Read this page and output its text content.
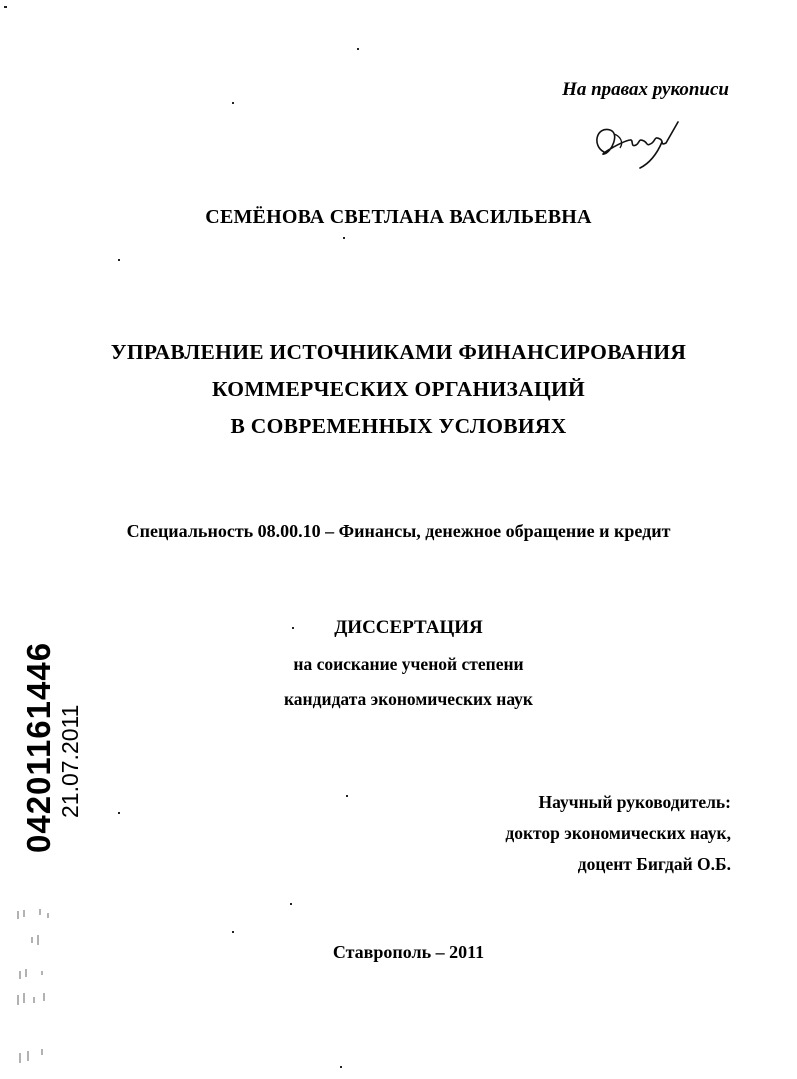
На правах рукописи
СЕМЁНОВА СВЕТЛАНА ВАСИЛЬЕВНА
УПРАВЛЕНИЕ ИСТОЧНИКАМИ ФИНАНСИРОВАНИЯ
КОММЕРЧЕСКИХ ОРГАНИЗАЦИЙ
В СОВРЕМЕННЫХ УСЛОВИЯХ
Специальность 08.00.10 – Финансы, денежное обращение и кредит
ДИССЕРТАЦИЯ
на соискание ученой степени
кандидата экономических наук
Научный руководитель:
доктор экономических наук,
доцент Бигдай О.Б.
Ставрополь – 2011
04201161446 21.07.2011
